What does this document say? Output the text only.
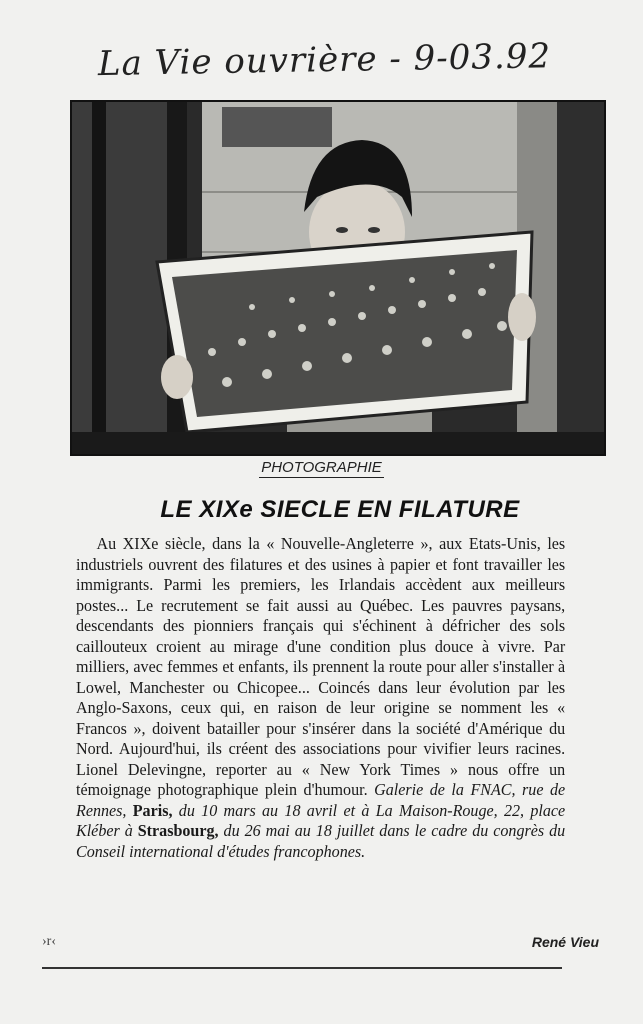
La Vie ouvrière - 9-03.92
PHOTOGRAPHIE
LE XIXe SIECLE EN FILATURE

Au XIXe siècle, dans la « Nouvelle-Angleterre », aux Etats-Unis, les industriels ouvrent des filatures et des usines à papier et font travailler les immigrants. Parmi les premiers, les Irlandais accèdent aux meilleurs postes... Le recrutement se fait aussi au Québec. Les pauvres paysans, descendants des pionniers français qui s'échinent à défricher des sols caillouteux croient au mirage d'une condition plus douce à vivre. Par milliers, avec femmes et enfants, ils prennent la route pour aller s'installer à Lowel, Manchester ou Chicopee... Coincés dans leur évolution par les Anglo-Saxons, ceux qui, en raison de leur origine se nomment les « Francos », doivent batailler pour s'insérer dans la société d'Amérique du Nord. Aujourd'hui, ils créent des associations pour vivifier leurs racines. Lionel Delevingne, reporter au « New York Times » nous offre un témoignage photographique plein d'humour. Galerie de la FNAC, rue de Rennes, Paris, du 10 mars au 18 avril et à La Maison-Rouge, 22, place Kléber à Strasbourg, du 26 mai au 18 juillet dans le cadre du congrès du Conseil international d'études francophones.

›r‹	René Vieu
